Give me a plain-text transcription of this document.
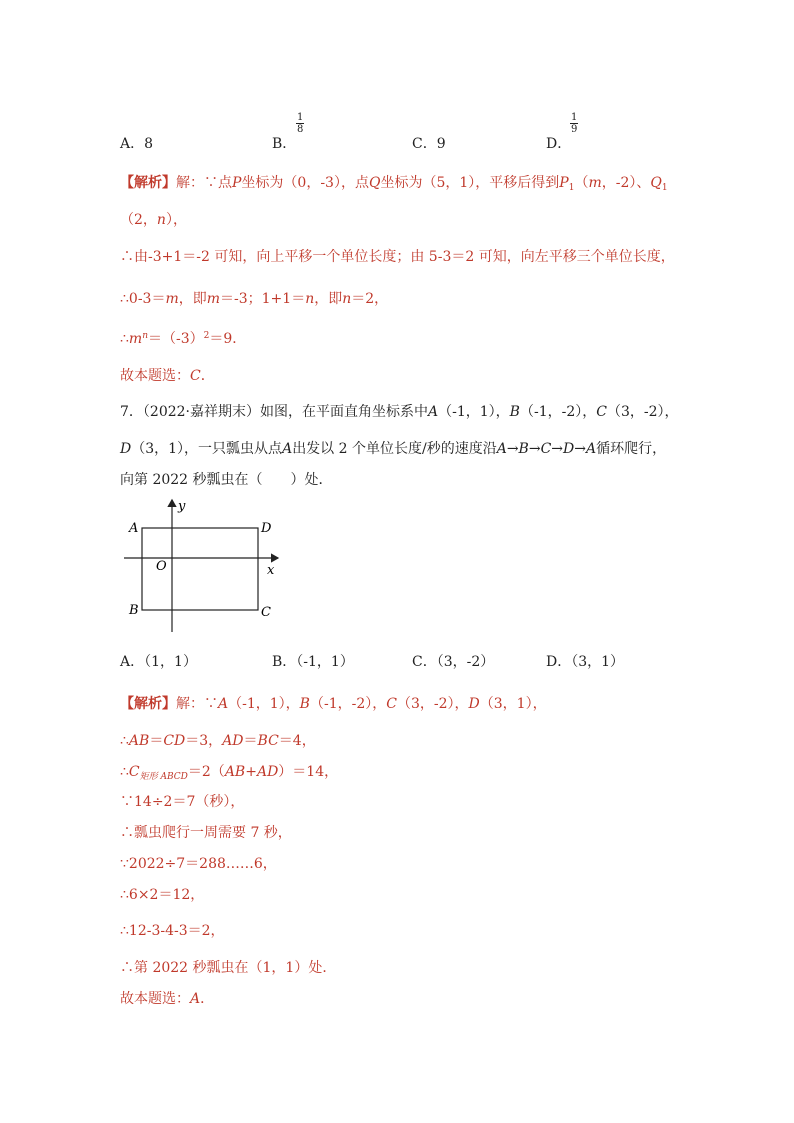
A．8	B．
$\frac{1}{8}$
C．9	D．
$\frac{1}{9}$
【解析】解：∵点P坐标为（0，-3），点Q坐标为（5，1），平移后得到$P_1(m$，-2）、$Q_1$
（2，n），
∴由-3+1＝-2 可知，向上平移一个单位长度；由 5-3＝2 可知，向左平移三个单位长度，
∴0-3＝m，即m＝-3；1+1＝n，即n＝2，
$\therefore m^n=(-3)^2=9$．
故本题选：C．
7．（2022·嘉祥期末）如图，在平面直角坐标系中A（-1，1），B（-1，-2），C（3，-2），
D（3，1），一只瓢虫从点A出发以 2 个单位长度/秒的速度沿A→B→C→D→A循环爬行，
向第 2022 秒瓢虫在（　　）处．
A	D
B	C
O	x
y
A．（1，1）	B．（-1，1）	C．（3，-2）	D．（3，1）
【解析】解：∵A（-1，1），B（-1，-2），C（3，-2），D（3，1），
∴AB＝CD＝3，AD＝BC＝4，
$\therefore C_{矩形 ABCD}=2(AB+AD)=14$，
∵14÷2＝7（秒），
∴瓢虫爬行一周需要 7 秒，
∵2022÷7＝288……6，
∴6×2＝12，
∴12-3-4-3＝2，
∴第 2022 秒瓢虫在（1，1）处．
故本题选：A．
